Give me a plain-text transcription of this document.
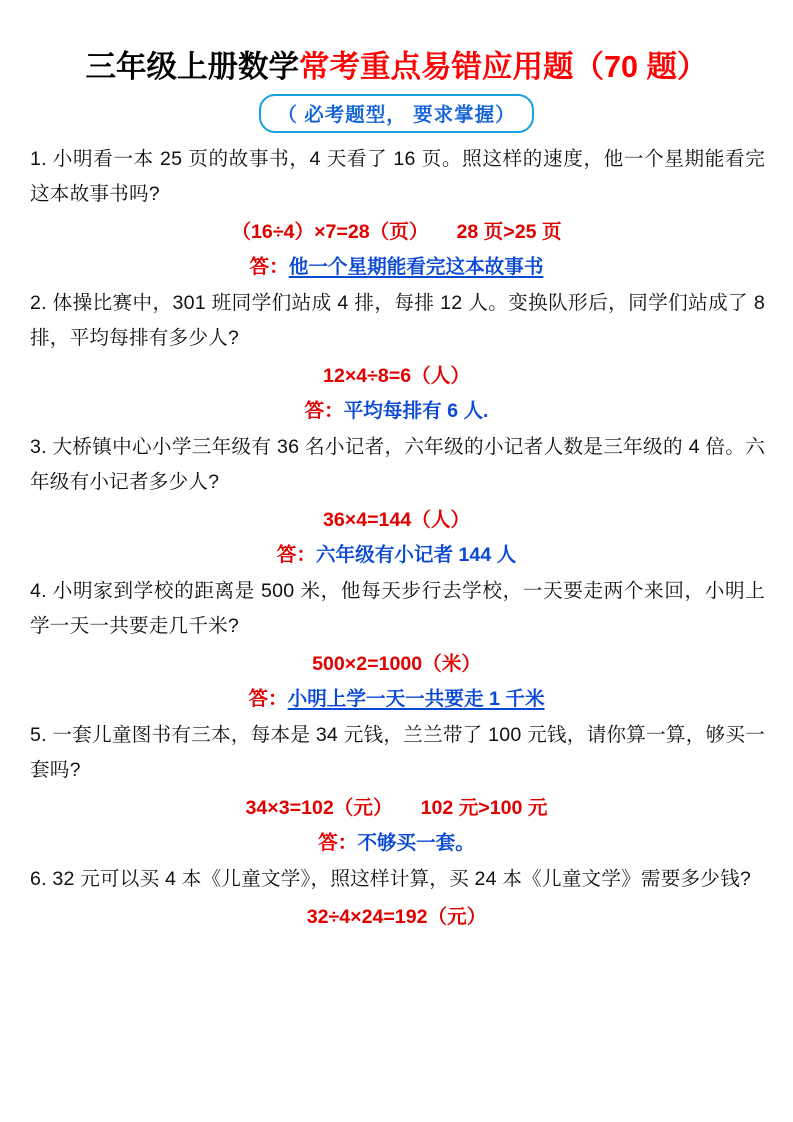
三年级上册数学常考重点易错应用题（70 题）
（ 必考题型， 要求掌握）
1. 小明看一本 25 页的故事书，4 天看了 16 页。照这样的速度，他一个星期能看完这本故事书吗?
（16÷4）×7=28（页） 28 页>25 页
答：他一个星期能看完这本故事书
2. 体操比赛中，301 班同学们站成 4 排，每排 12 人。变换队形后，同学们站成了 8 排，平均每排有多少人?
12×4÷8=6（人）
答：平均每排有 6 人.
3. 大桥镇中心小学三年级有 36 名小记者，六年级的小记者人数是三年级的 4 倍。六年级有小记者多少人?
36×4=144（人）
答：六年级有小记者 144 人
4. 小明家到学校的距离是 500 米，他每天步行去学校，一天要走两个来回，小明上学一天一共要走几千米?
500×2=1000（米）
答：小明上学一天一共要走 1 千米
5. 一套儿童图书有三本，每本是 34 元钱，兰兰带了 100 元钱，请你算一算，够买一套吗?
34×3=102（元） 102 元>100 元
答：不够买一套。
6. 32 元可以买 4 本《儿童文学》，照这样计算，买 24 本《儿童文学》需要多少钱?
32÷4×24=192（元）
